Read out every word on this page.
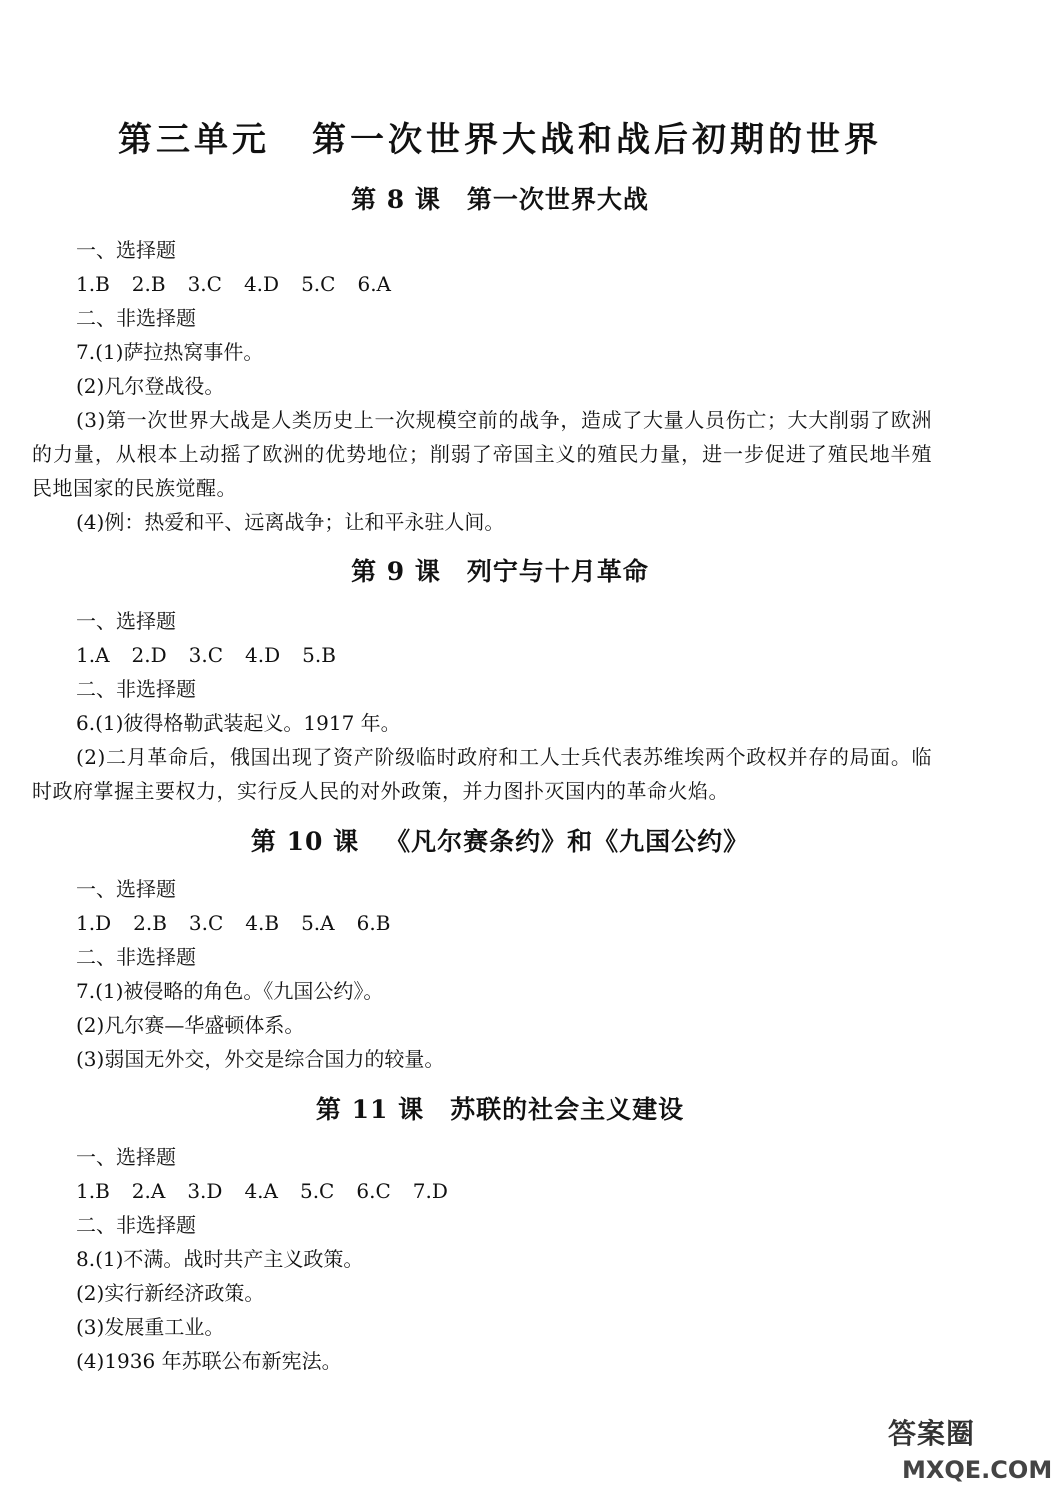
第三单元 第一次世界大战和战后初期的世界
第 8 课 第一次世界大战

一、选择题

1.B 2.B 3.C 4.D 5.C 6.A

二、非选择题

7.(1)萨拉热窝事件。

(2)凡尔登战役。

(3)第一次世界大战是人类历史上一次规模空前的战争，造成了大量人员伤亡；大大削弱了欧洲的力量，从根本上动摇了欧洲的优势地位；削弱了帝国主义的殖民力量，进一步促进了殖民地半殖民地国家的民族觉醒。

(4)例：热爱和平、远离战争；让和平永驻人间。

第 9 课 列宁与十月革命

一、选择题

1.A 2.D 3.C 4.D 5.B

二、非选择题

6.(1)彼得格勒武装起义。1917 年。

(2)二月革命后，俄国出现了资产阶级临时政府和工人士兵代表苏维埃两个政权并存的局面。临时政府掌握主要权力，实行反人民的对外政策，并力图扑灭国内的革命火焰。

第 10 课 《凡尔赛条约》和《九国公约》

一、选择题

1.D 2.B 3.C 4.B 5.A 6.B

二、非选择题

7.(1)被侵略的角色。《九国公约》。

(2)凡尔赛—华盛顿体系。

(3)弱国无外交，外交是综合国力的较量。

第 11 课 苏联的社会主义建设

一、选择题

1.B 2.A 3.D 4.A 5.C 6.C 7.D

二、非选择题

8.(1)不满。战时共产主义政策。

(2)实行新经济政策。

(3)发展重工业。

(4)1936 年苏联公布新宪法。

答案圈
MXQE.COM
